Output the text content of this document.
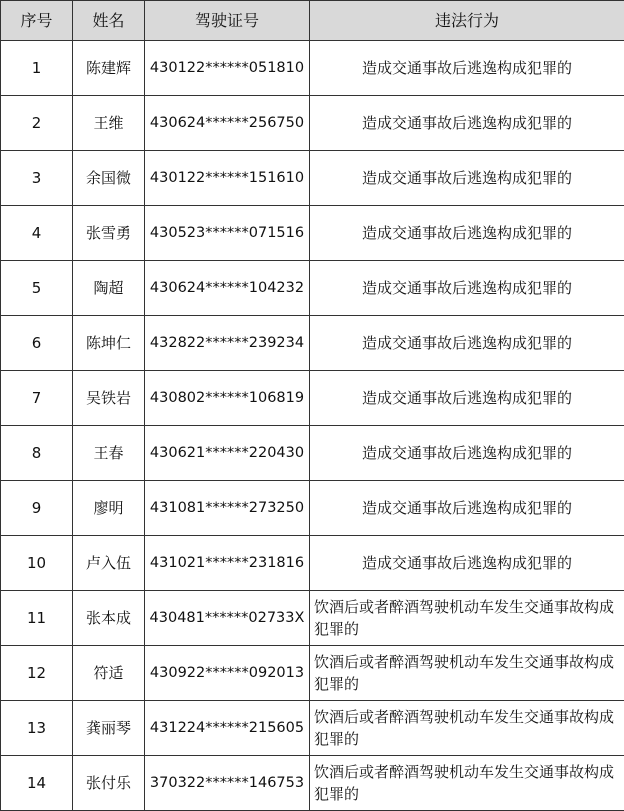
序号	姓名	驾驶证号	违法行为
1	陈建辉	430122******051810	造成交通事故后逃逸构成犯罪的
2	王维	430624******256750	造成交通事故后逃逸构成犯罪的
3	余国微	430122******151610	造成交通事故后逃逸构成犯罪的
4	张雪勇	430523******071516	造成交通事故后逃逸构成犯罪的
5	陶超	430624******104232	造成交通事故后逃逸构成犯罪的
6	陈坤仁	432822******239234	造成交通事故后逃逸构成犯罪的
7	吴铁岩	430802******106819	造成交通事故后逃逸构成犯罪的
8	王春	430621******220430	造成交通事故后逃逸构成犯罪的
9	廖明	431081******273250	造成交通事故后逃逸构成犯罪的
10	卢入伍	431021******231816	造成交通事故后逃逸构成犯罪的
11	张本成	430481******02733X	饮酒后或者醉酒驾驶机动车发生交通事故构成犯罪的
12	符适	430922******092013	饮酒后或者醉酒驾驶机动车发生交通事故构成犯罪的
13	龚丽琴	431224******215605	饮酒后或者醉酒驾驶机动车发生交通事故构成犯罪的
14	张付乐	370322******146753	饮酒后或者醉酒驾驶机动车发生交通事故构成犯罪的
